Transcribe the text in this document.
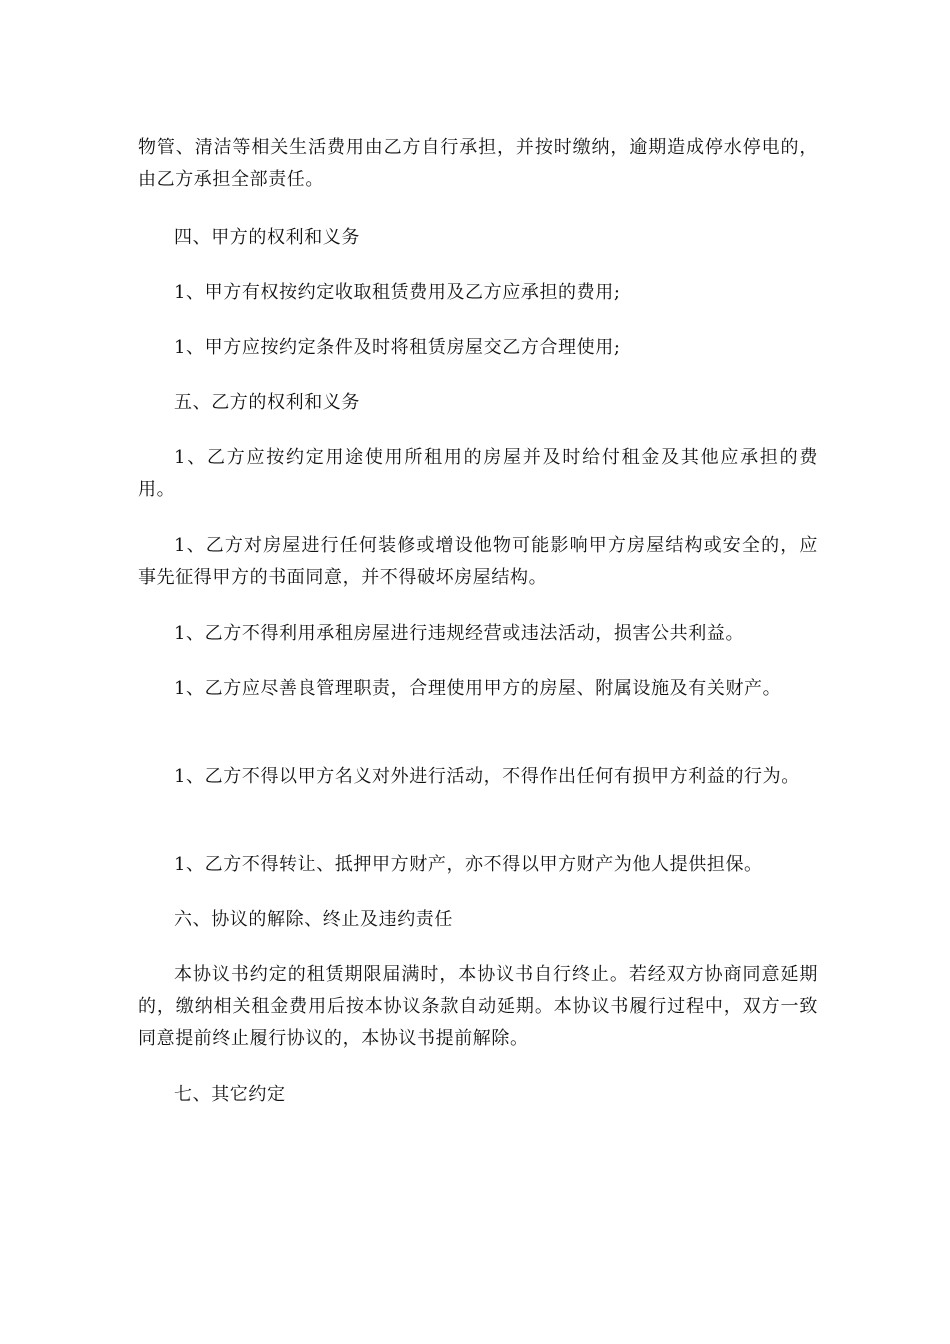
物管、清洁等相关生活费用由乙方自行承担，并按时缴纳，逾期造成停水停电的，由乙方承担全部责任。

四、甲方的权利和义务

1、甲方有权按约定收取租赁费用及乙方应承担的费用;

1、甲方应按约定条件及时将租赁房屋交乙方合理使用;

五、乙方的权利和义务

1、乙方应按约定用途使用所租用的房屋并及时给付租金及其他应承担的费用。

1、乙方对房屋进行任何装修或增设他物可能影响甲方房屋结构或安全的，应事先征得甲方的书面同意，并不得破坏房屋结构。

1、乙方不得利用承租房屋进行违规经营或违法活动，损害公共利益。

1、乙方应尽善良管理职责，合理使用甲方的房屋、附属设施及有关财产。

1、乙方不得以甲方名义对外进行活动，不得作出任何有损甲方利益的行为。

1、乙方不得转让、抵押甲方财产，亦不得以甲方财产为他人提供担保。

六、协议的解除、终止及违约责任

本协议书约定的租赁期限届满时，本协议书自行终止。若经双方协商同意延期的，缴纳相关租金费用后按本协议条款自动延期。本协议书履行过程中，双方一致同意提前终止履行协议的，本协议书提前解除。

七、其它约定
